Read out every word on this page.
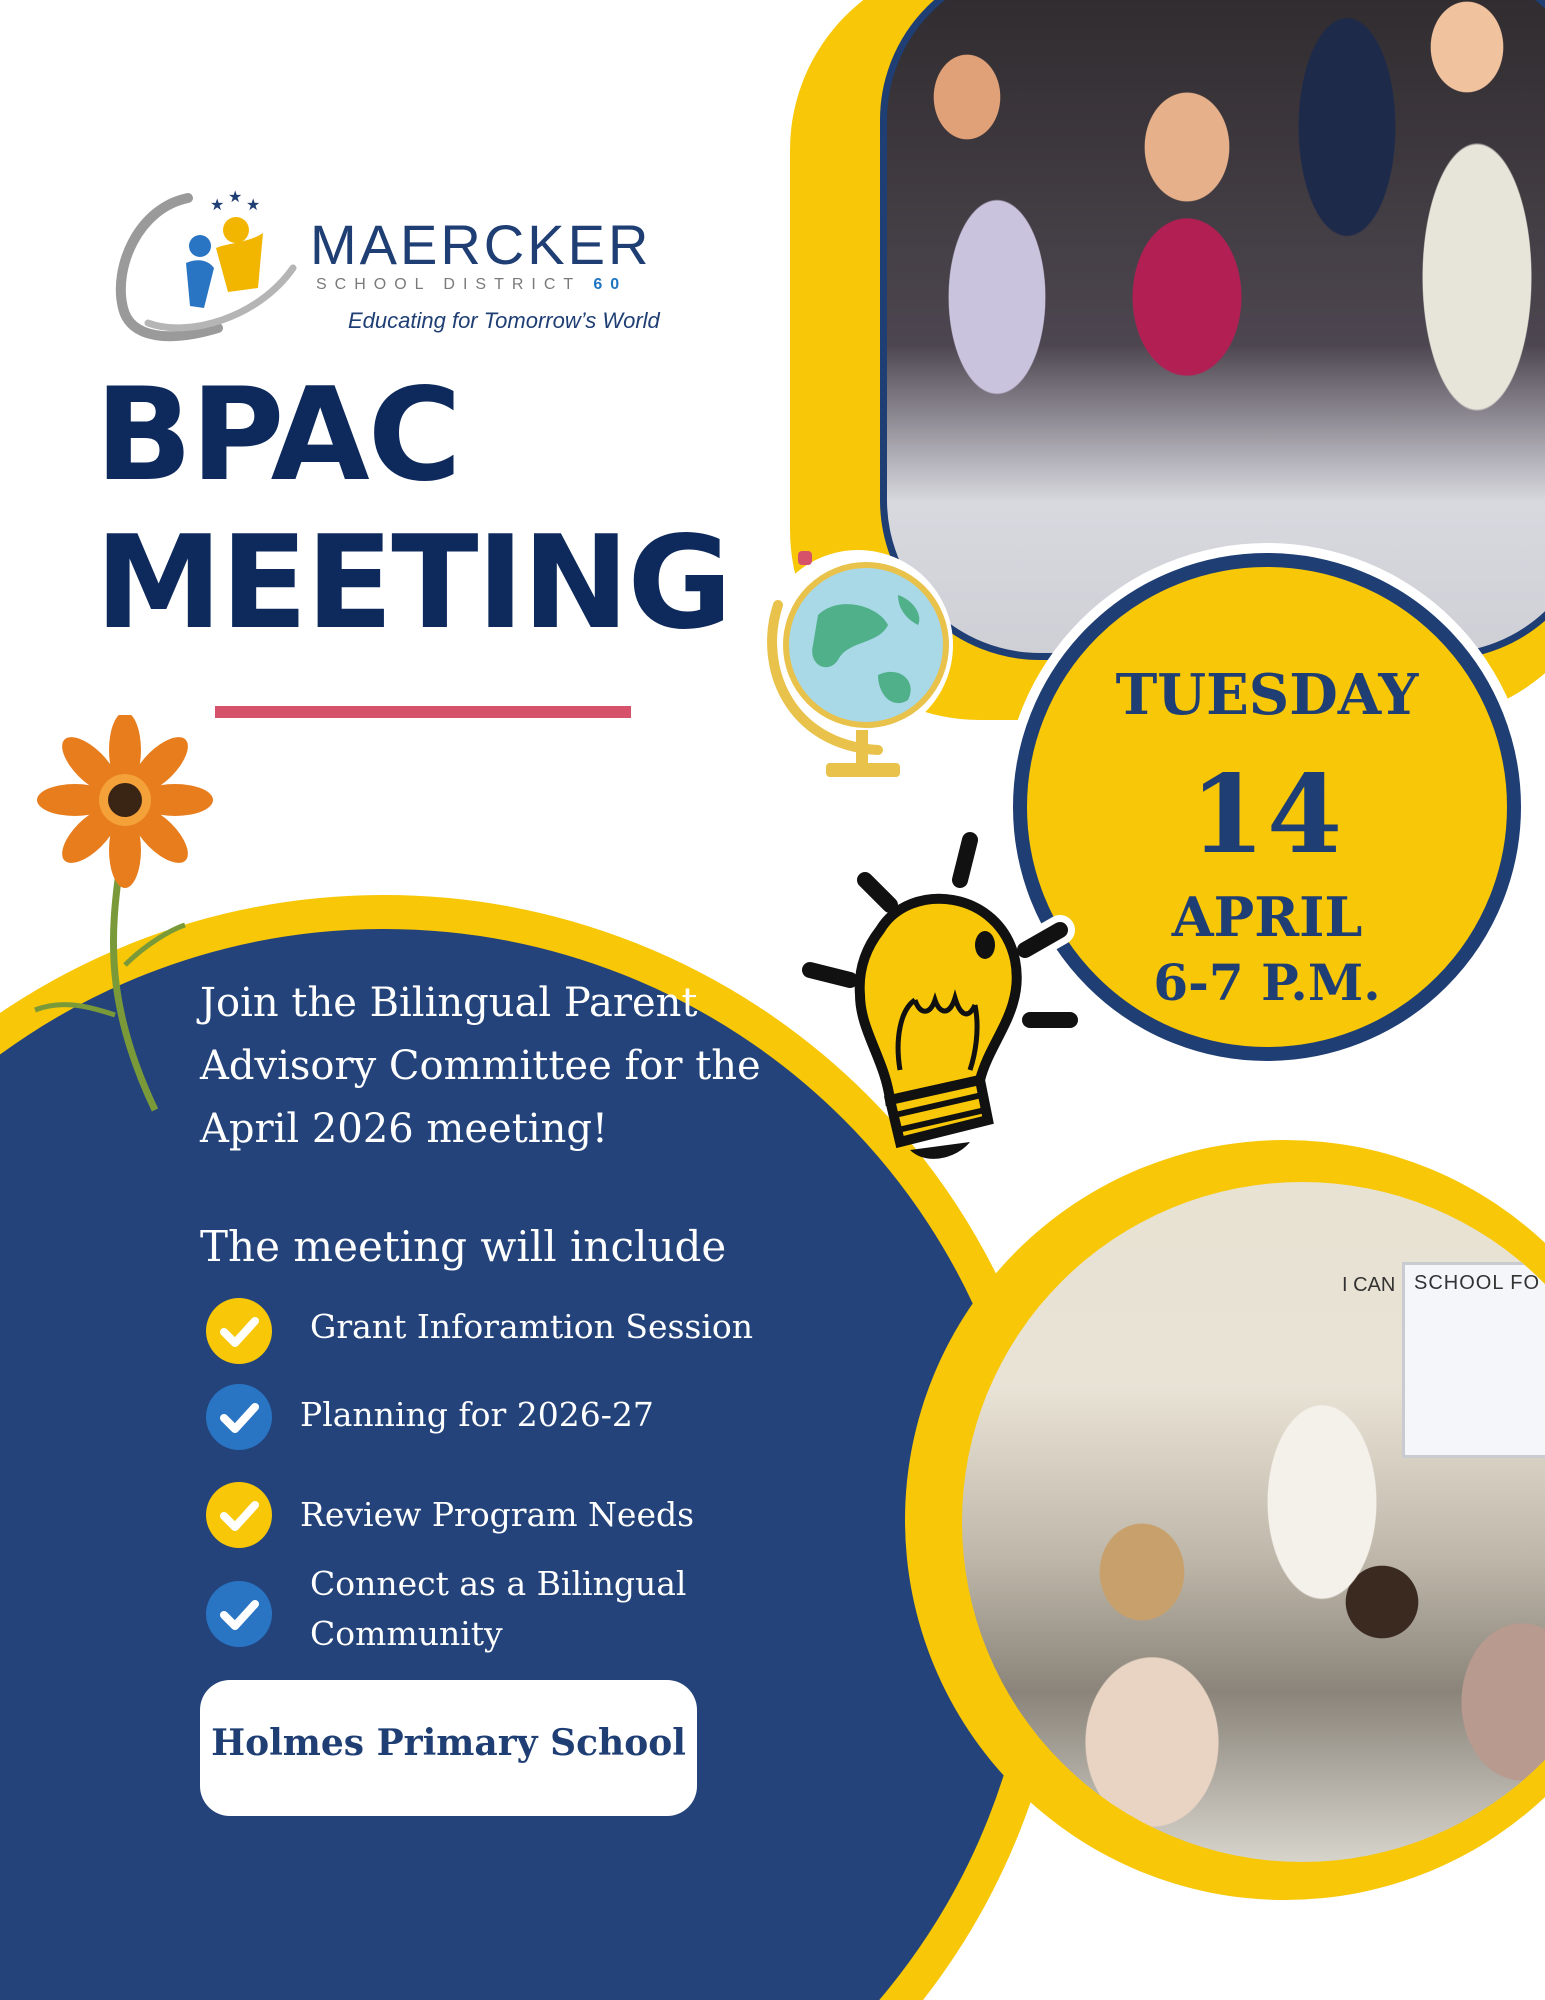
SCHOOL FO
I CAN
★ ★ ★
MAERCKER
SCHOOL DISTRICT 60
Educating for Tomorrow’s World
BPAC
MEETING
TUESDAY
14
APRIL
6-7 P.M.
Join the Bilingual Parent
Advisory Committee for the
April 2026 meeting!
The meeting will include
Grant Inforamtion Session
Planning for 2026-27
Review Program Needs
Connect as a Bilingual
Community
Holmes Primary School
